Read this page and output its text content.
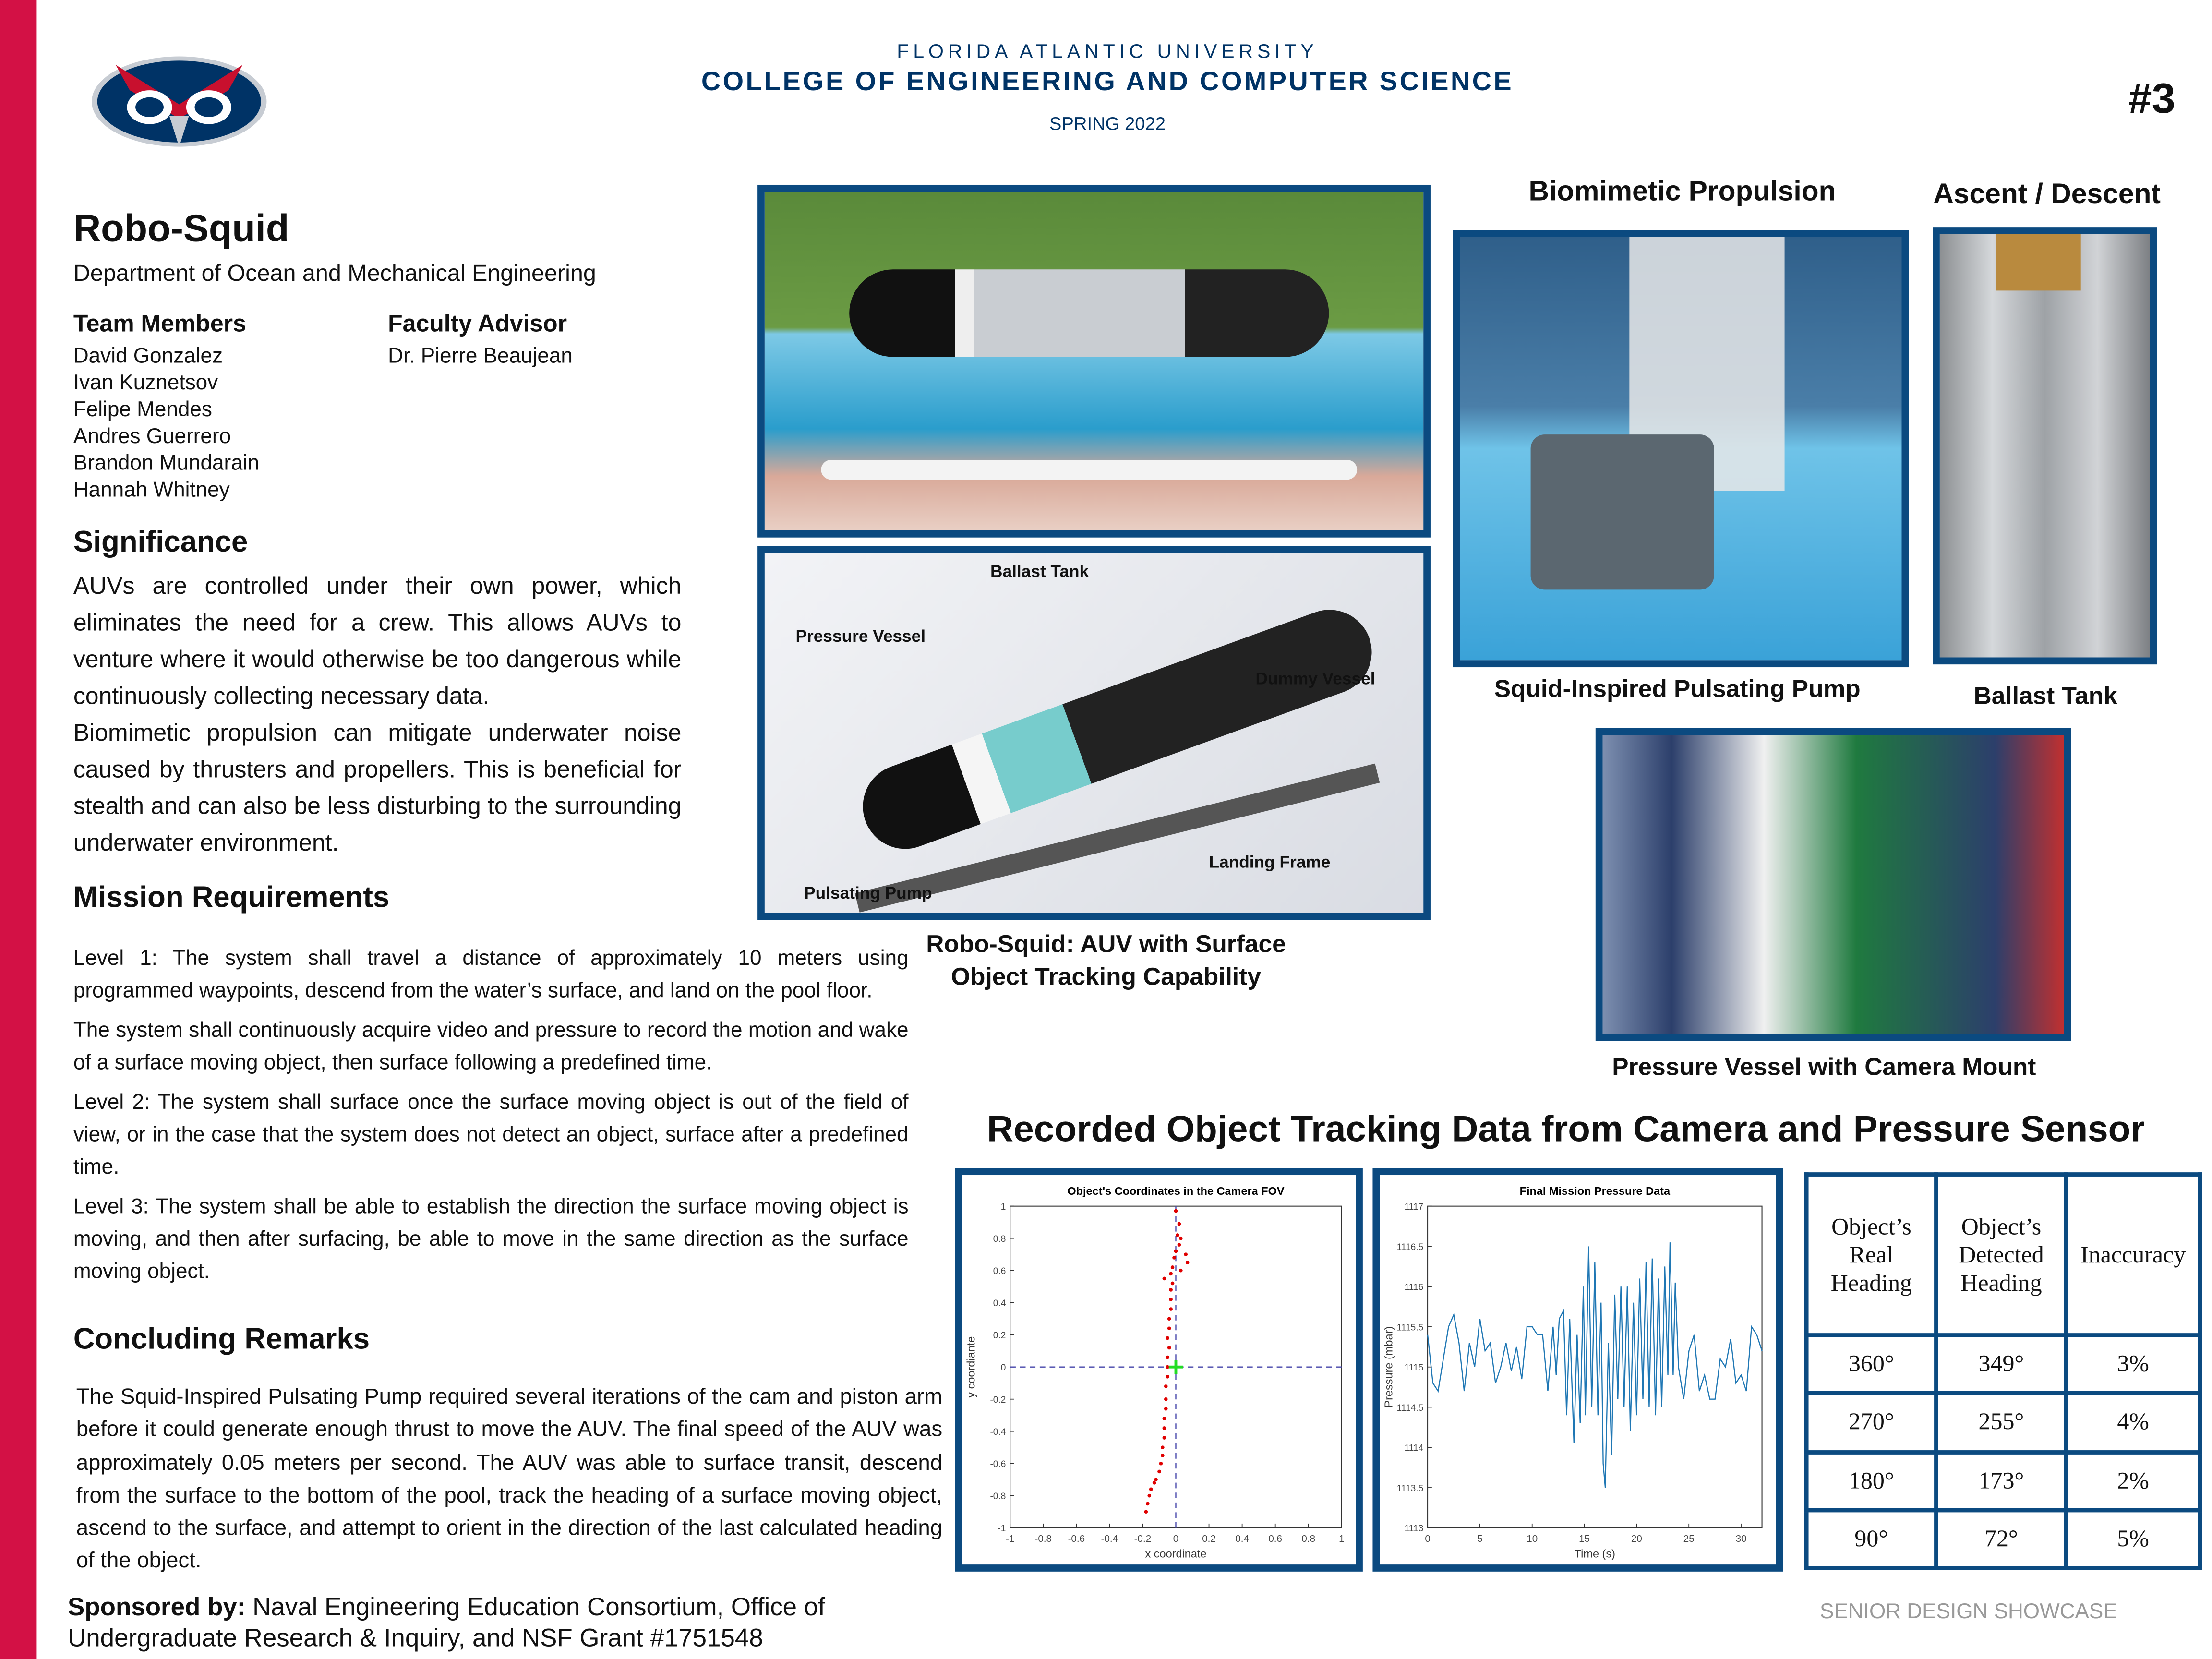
FLORIDA ATLANTIC UNIVERSITY
COLLEGE OF ENGINEERING AND COMPUTER SCIENCE
SPRING 2022
#3
Robo-Squid
Department of Ocean and Mechanical Engineering
Team Members
David Gonzalez
Ivan Kuznetsov
Felipe Mendes
Andres Guerrero
Brandon Mundarain
Hannah Whitney
Faculty Advisor
Dr. Pierre Beaujean
Significance
AUVs are controlled under their own power, which eliminates the need for a crew. This allows AUVs to venture where it would otherwise be too dangerous while continuously collecting necessary data.
Biomimetic propulsion can mitigate underwater noise caused by thrusters and propellers. This is beneficial for stealth and can also be less disturbing to the surrounding underwater environment.
Mission Requirements
Level 1: The system shall travel a distance of approximately 10 meters using programmed waypoints, descend from the water’s surface, and land on the pool floor.
The system shall continuously acquire video and pressure to record the motion and wake of a surface moving object, then surface following a predefined time.
Level 2: The system shall surface once the surface moving object is out of the field of view, or in the case that the system does not detect an object, surface after a predefined time.
Level 3: The system shall be able to establish the direction the surface moving object is moving, and then after surfacing, be able to move in the same direction as the surface moving object.
Concluding Remarks
The Squid-Inspired Pulsating Pump required several iterations of the cam and piston arm before it could generate enough thrust to move the AUV. The final speed of the AUV was approximately 0.05 meters per second. The AUV was able to surface transit, descend from the surface to the bottom of the pool, track the heading of a surface moving object, ascend to the surface, and attempt to orient in the direction of the last calculated heading of the object.
Sponsored by: Naval Engineering Education Consortium, Office of Undergraduate Research & Inquiry, and NSF Grant #1751548
SENIOR DESIGN SHOWCASE
Ballast Tank
Pressure Vessel
Dummy Vessel
Landing Frame
Pulsating Pump
Robo-Squid: AUV with Surface Object Tracking Capability
Biomimetic Propulsion
Squid-Inspired Pulsating Pump
Ascent / Descent
Ballast Tank
Pressure Vessel with Camera Mount
Recorded Object Tracking Data from Camera and Pressure Sensor
Object's Coordinates in the Camera FOV
-1	-0.8	-0.6	-0.4	-0.2	0	0.2	0.4	0.6	0.8	1
-1
-0.8
-0.6
-0.4
-0.2
0
0.2
0.4
0.6
0.8
1
x coordinate
y coordiante
Final Mission Pressure Data
0	5	10	15	20	25	30
1113
1113.5
1114
1114.5
1115
1115.5
1116
1116.5
1117
Time (s)
Pressure (mbar)
Object’s Real Heading	Object’s Detected Heading	Inaccuracy
360°	349°	3%
270°	255°	4%
180°	173°	2%
90°	72°	5%
